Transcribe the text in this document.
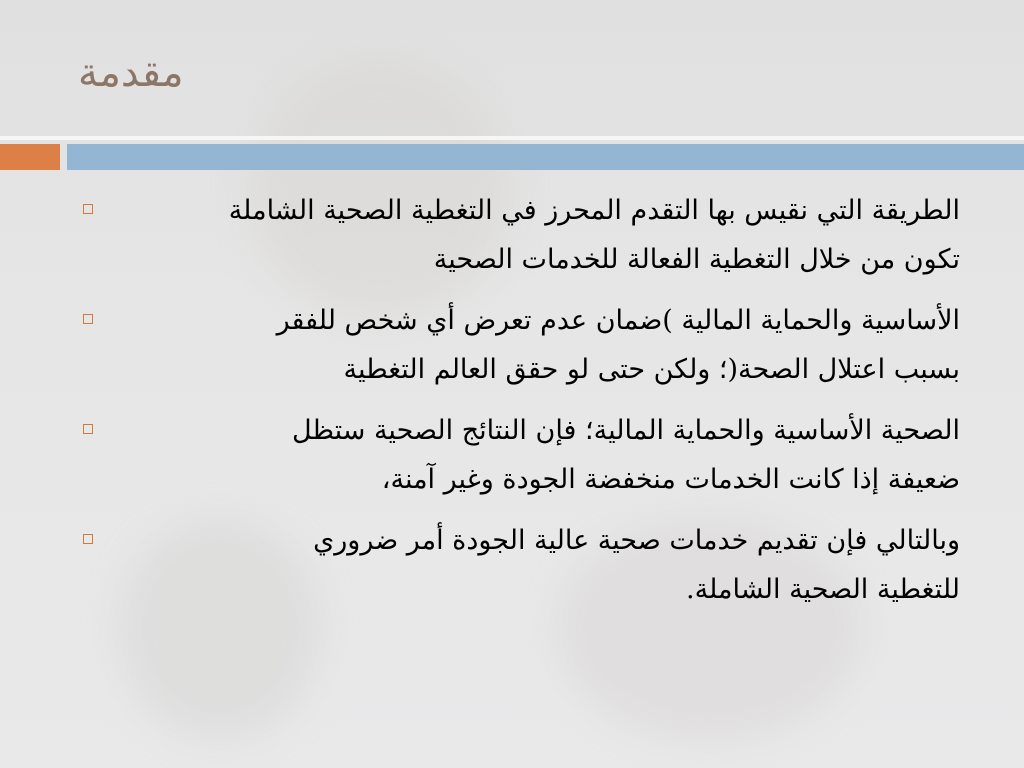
مقدمة
الطريقة التي نقيس بها التقدم المحرز في التغطية الصحية الشاملة
تكون من خلال التغطية الفعالة للخدمات الصحية
الأساسية والحماية المالية )ضمان عدم تعرض أي شخص للفقر
بسبب اعتلال الصحة(؛ ولكن حتى لو حقق العالم التغطية
الصحية الأساسية والحماية المالية؛ فإن النتائج الصحية ستظل
ضعيفة إذا كانت الخدمات منخفضة الجودة وغير آمنة،
وبالتالي فإن تقديم خدمات صحية عالية الجودة أمر ضروري
للتغطية الصحية الشاملة.
